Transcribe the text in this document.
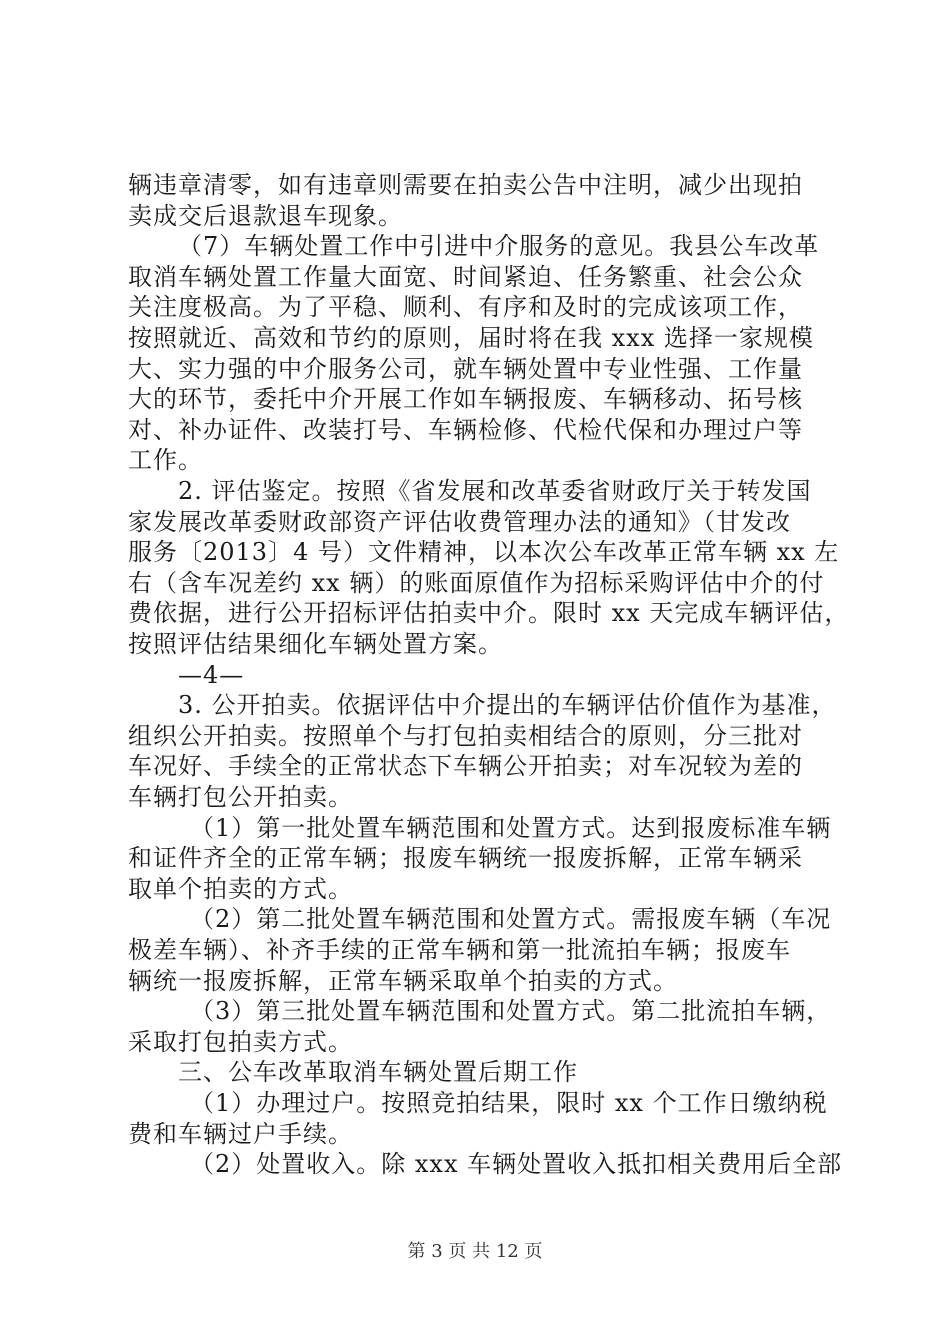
辆违章清零，如有违章则需要在拍卖公告中注明，减少出现拍
卖成交后退款退车现象。
（7）车辆处置工作中引进中介服务的意见。我县公车改革
取消车辆处置工作量大面宽、时间紧迫、任务繁重、社会公众
关注度极高。为了平稳、顺利、有序和及时的完成该项工作，
按照就近、高效和节约的原则，届时将在我 xxx 选择一家规模
大、实力强的中介服务公司，就车辆处置中专业性强、工作量
大的环节，委托中介开展工作如车辆报废、车辆移动、拓号核
对、补办证件、改装打号、车辆检修、代检代保和办理过户等
工作。
2. 评估鉴定。按照《省发展和改革委省财政厅关于转发国
家发展改革委财政部资产评估收费管理办法的通知》（甘发改
服务〔2013〕4 号）文件精神，以本次公车改革正常车辆 xx 左
右（含车况差约 xx 辆）的账面原值作为招标采购评估中介的付
费依据，进行公开招标评估拍卖中介。限时 xx 天完成车辆评估，
按照评估结果细化车辆处置方案。
—4—
3. 公开拍卖。依据评估中介提出的车辆评估价值作为基准，
组织公开拍卖。按照单个与打包拍卖相结合的原则，分三批对
车况好、手续全的正常状态下车辆公开拍卖；对车况较为差的
车辆打包公开拍卖。
（1）第一批处置车辆范围和处置方式。达到报废标准车辆
和证件齐全的正常车辆；报废车辆统一报废拆解，正常车辆采
取单个拍卖的方式。
（2）第二批处置车辆范围和处置方式。需报废车辆（车况
极差车辆）、补齐手续的正常车辆和第一批流拍车辆；报废车
辆统一报废拆解，正常车辆采取单个拍卖的方式。
（3）第三批处置车辆范围和处置方式。第二批流拍车辆，
采取打包拍卖方式。
三、公车改革取消车辆处置后期工作
（1）办理过户。按照竞拍结果，限时 xx 个工作日缴纳税
费和车辆过户手续。
（2）处置收入。除 xxx 车辆处置收入抵扣相关费用后全部
第 3 页 共 12 页
